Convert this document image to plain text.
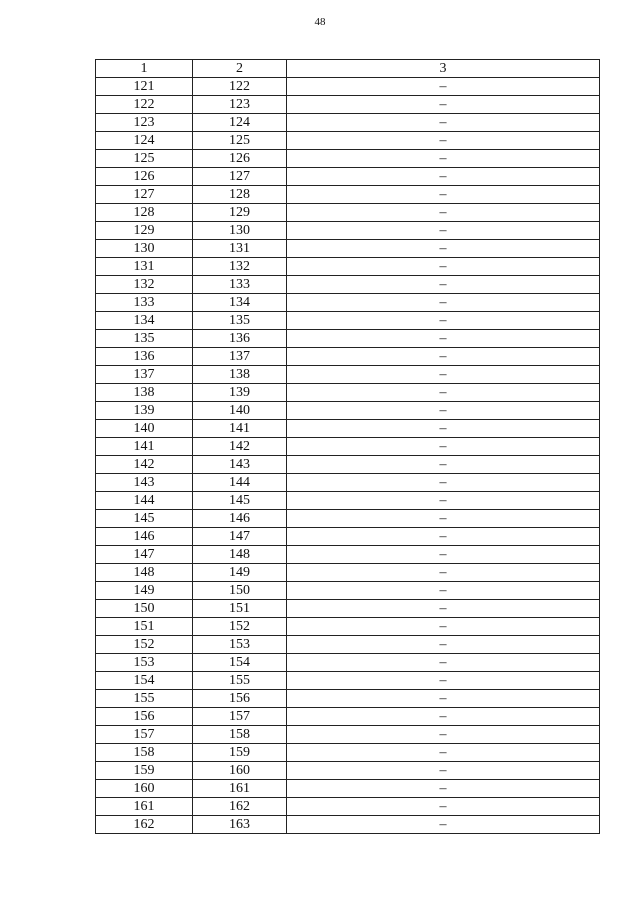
48
1	2	3
121	122	–
122	123	–
123	124	–
124	125	–
125	126	–
126	127	–
127	128	–
128	129	–
129	130	–
130	131	–
131	132	–
132	133	–
133	134	–
134	135	–
135	136	–
136	137	–
137	138	–
138	139	–
139	140	–
140	141	–
141	142	–
142	143	–
143	144	–
144	145	–
145	146	–
146	147	–
147	148	–
148	149	–
149	150	–
150	151	–
151	152	–
152	153	–
153	154	–
154	155	–
155	156	–
156	157	–
157	158	–
158	159	–
159	160	–
160	161	–
161	162	–
162	163	–
